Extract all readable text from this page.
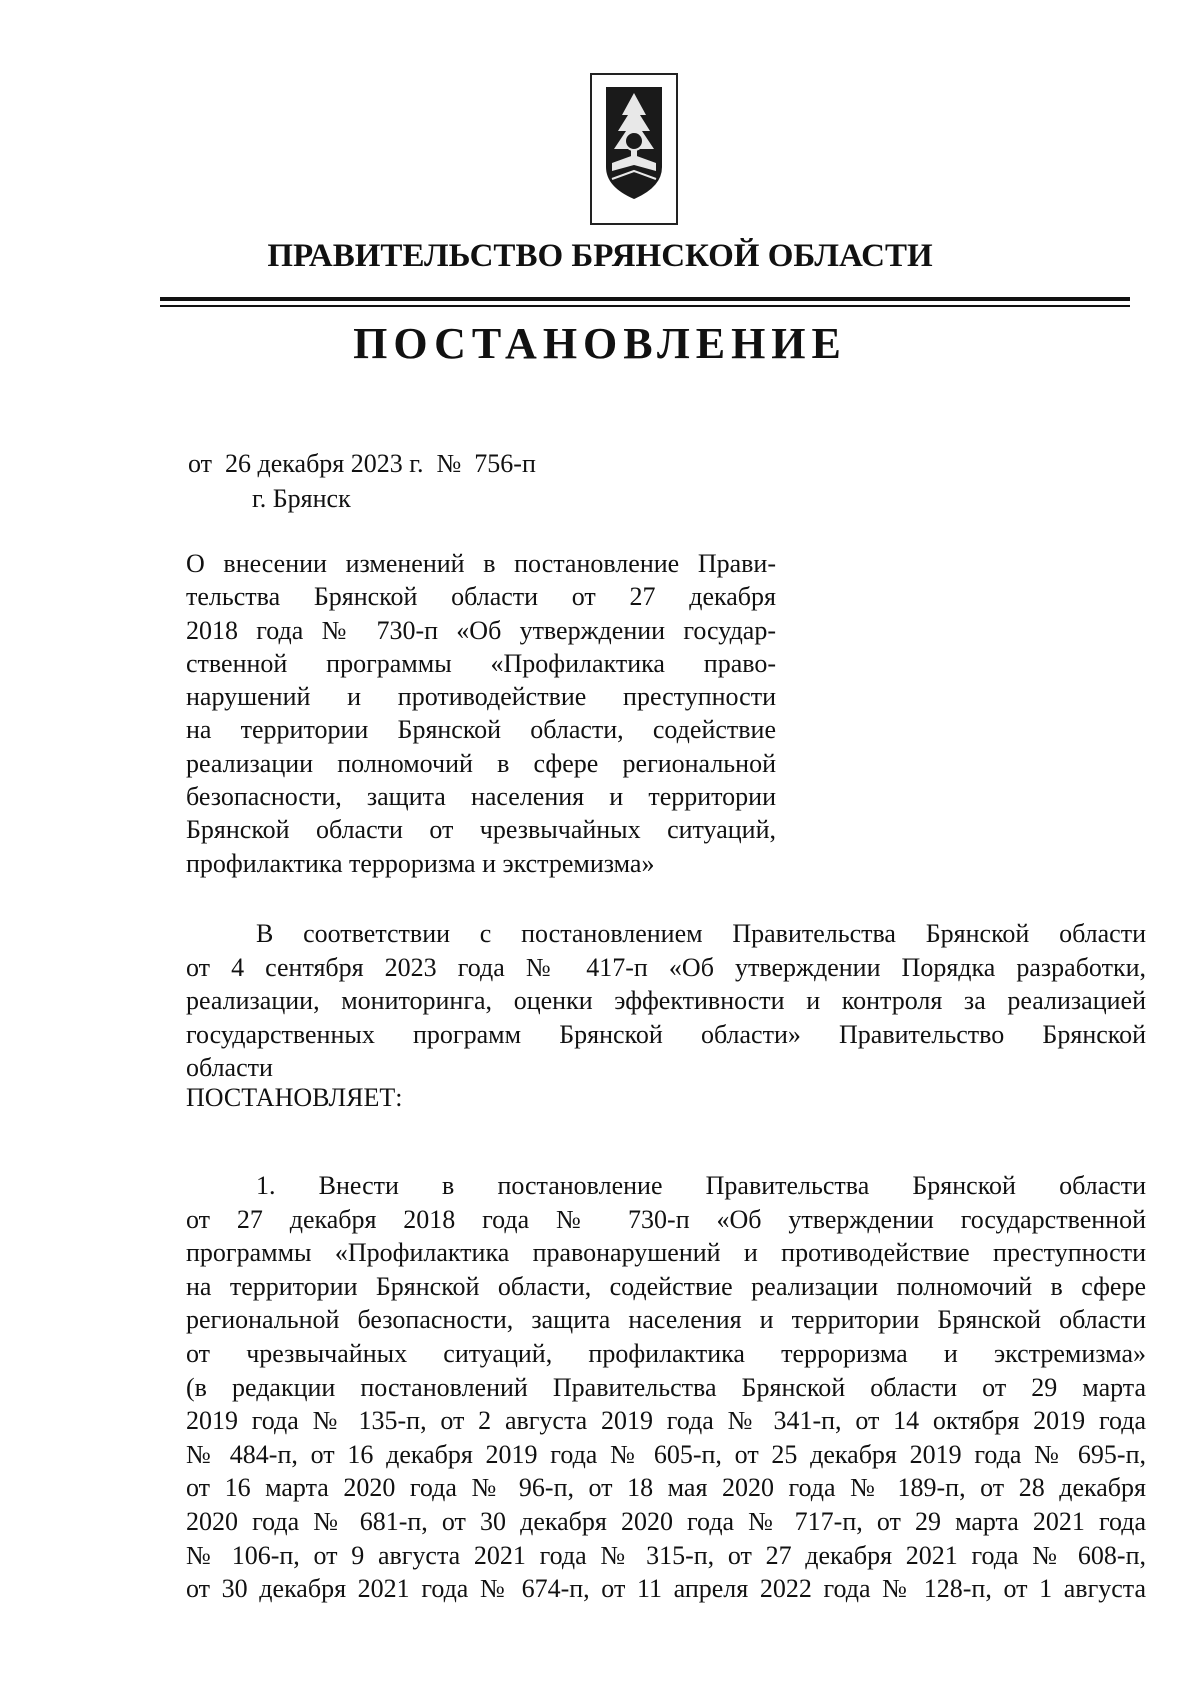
ПРАВИТЕЛЬСТВО БРЯНСКОЙ ОБЛАСТИ
ПОСТАНОВЛЕНИЕ
от  26 декабря 2023 г.  №  756-п
г. Брянск
О внесении изменений в постановление Прави-
тельства Брянской области от 27 декабря
2018 года № 730-п «Об утверждении государ-
ственной программы «Профилактика право-
нарушений и противодействие преступности
на территории Брянской области, содействие
реализации полномочий в сфере региональной
безопасности, защита населения и территории
Брянской области от чрезвычайных ситуаций,
профилактика терроризма и экстремизма»
В соответствии с постановлением Правительства Брянской области
от 4 сентября 2023 года № 417-п «Об утверждении Порядка разработки,
реализации, мониторинга, оценки эффективности и контроля за реализацией
государственных программ Брянской области» Правительство Брянской
области
ПОСТАНОВЛЯЕТ:
1. Внести в постановление Правительства Брянской области
от 27 декабря 2018 года № 730-п «Об утверждении государственной
программы «Профилактика правонарушений и противодействие преступности
на территории Брянской области, содействие реализации полномочий в сфере
региональной безопасности, защита населения и территории Брянской области
от чрезвычайных ситуаций, профилактика терроризма и экстремизма»
(в редакции постановлений Правительства Брянской области от 29 марта
2019 года № 135-п, от 2 августа 2019 года № 341-п, от 14 октября 2019 года
№ 484-п, от 16 декабря 2019 года № 605-п, от 25 декабря 2019 года № 695-п,
от 16 марта 2020 года № 96-п, от 18 мая 2020 года № 189-п, от 28 декабря
2020 года № 681-п, от 30 декабря 2020 года № 717-п, от 29 марта 2021 года
№ 106-п, от 9 августа 2021 года № 315-п, от 27 декабря 2021 года № 608-п,
от 30 декабря 2021 года № 674-п, от 11 апреля 2022 года № 128-п, от 1 августа
